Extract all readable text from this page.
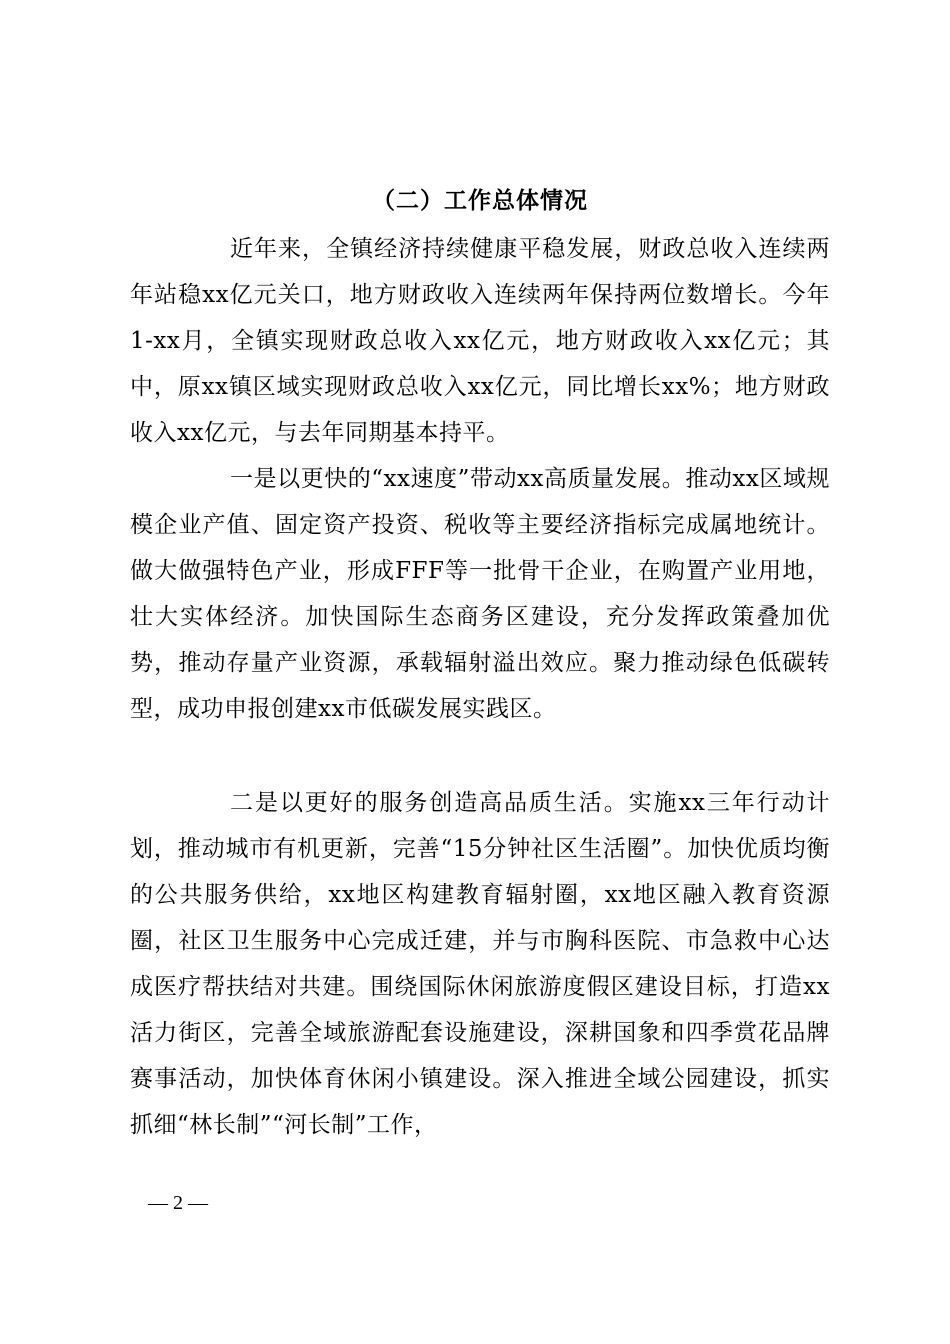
（二）工作总体情况

近年来，全镇经济持续健康平稳发展，财政总收入连续两年站稳xx亿元关口，地方财政收入连续两年保持两位数增长。今年1-xx月，全镇实现财政总收入xx亿元，地方财政收入xx亿元；其中，原xx镇区域实现财政总收入xx亿元，同比增长xx%；地方财政收入xx亿元，与去年同期基本持平。

一是以更快的“xx速度”带动xx高质量发展。推动xx区域规模企业产值、固定资产投资、税收等主要经济指标完成属地统计。做大做强特色产业，形成FFF等一批骨干企业，在购置产业用地，壮大实体经济。加快国际生态商务区建设，充分发挥政策叠加优势，推动存量产业资源，承载辐射溢出效应。聚力推动绿色低碳转型，成功申报创建xx市低碳发展实践区。

二是以更好的服务创造高品质生活。实施xx三年行动计划，推动城市有机更新，完善“15分钟社区生活圈”。加快优质均衡的公共服务供给，xx地区构建教育辐射圈，xx地区融入教育资源圈，社区卫生服务中心完成迁建，并与市胸科医院、市急救中心达成医疗帮扶结对共建。围绕国际休闲旅游度假区建设目标，打造xx活力街区，完善全域旅游配套设施建设，深耕国象和四季赏花品牌赛事活动，加快体育休闲小镇建设。深入推进全域公园建设，抓实抓细“林长制”“河长制”工作，

— 2 —
